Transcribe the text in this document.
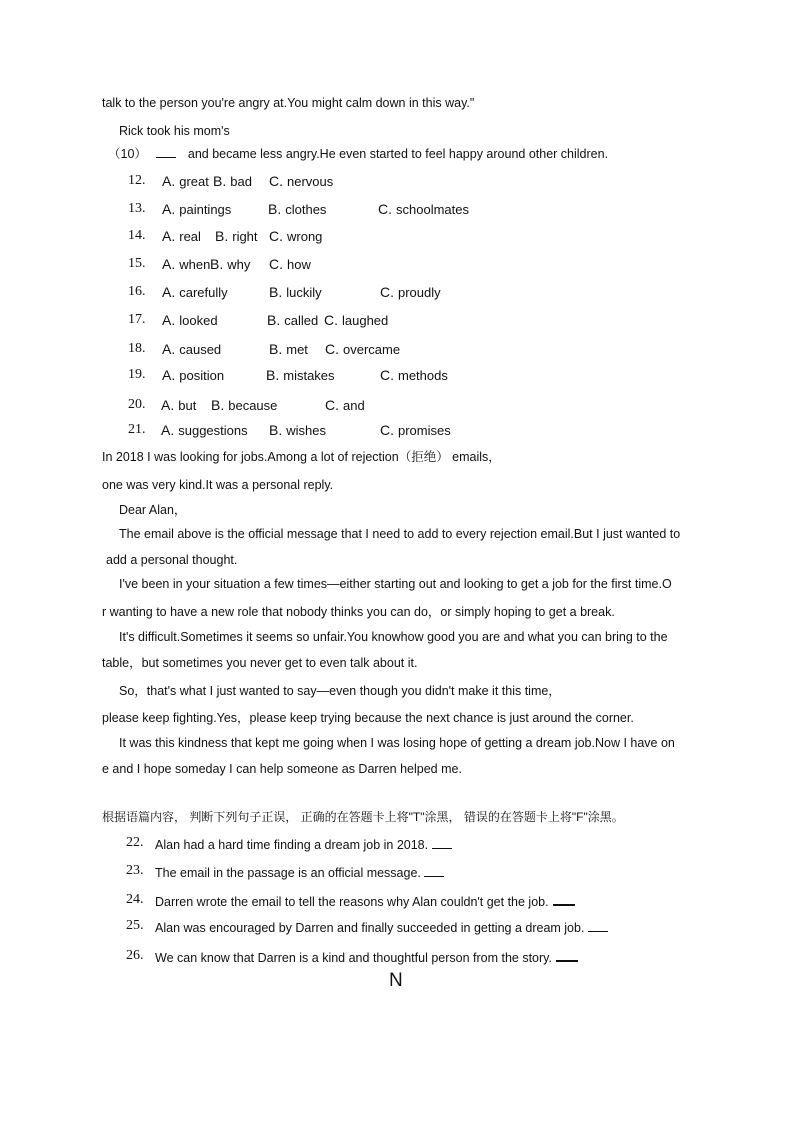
talk to the person you're angry at.You might calm down in this way."
Rick took his mom's
（10）	and became less angry.He even started to feel happy around other children.
12. A. great B. bad C. nervous
13. A. paintings	B. clothes	C. schoolmates
14. A. real B. right C. wrong
15. A. when B. why C. how
16. A. carefully	B. luckily	C. proudly
17. A. looked	B. called C. laughed
18. A. caused	B. met C. overcame
19. A. position	B. mistakes	C. methods
20. A. but B. because	C. and
21. A. suggestions B. wishes	C. promises
In 2018 I was looking for jobs.Among a lot of rejection（拒绝） emails，
one was very kind.It was a personal reply.
Dear Alan，
The email above is the official message that I need to add to every rejection email.But I just wanted to
add a personal thought.
I've been in your situation a few times—either starting out and looking to get a job for the first time.O
r wanting to have a new role that nobody thinks you can do，or simply hoping to get a break.
It's difficult.Sometimes it seems so unfair.You knowhow good you are and what you can bring to the
table，but sometimes you never get to even talk about it.
So，that's what I just wanted to say—even though you didn't make it this time，
please keep fighting.Yes，please keep trying because the next chance is just around the corner.
It was this kindness that kept me going when I was losing hope of getting a dream job.Now I have on
e and I hope someday I can help someone as Darren helped me.
根据语篇内容， 判断下列句子正误， 正确的在答题卡上将"T"涂黑， 错误的在答题卡上将"F"涂黑。
22. Alan had a hard time finding a dream job in 2018.
23. The email in the passage is an official message.
24. Darren wrote the email to tell the reasons why Alan couldn't get the job.
25. Alan was encouraged by Darren and finally succeeded in getting a dream job.
26. We can know that Darren is a kind and thoughtful person from the story.
N
